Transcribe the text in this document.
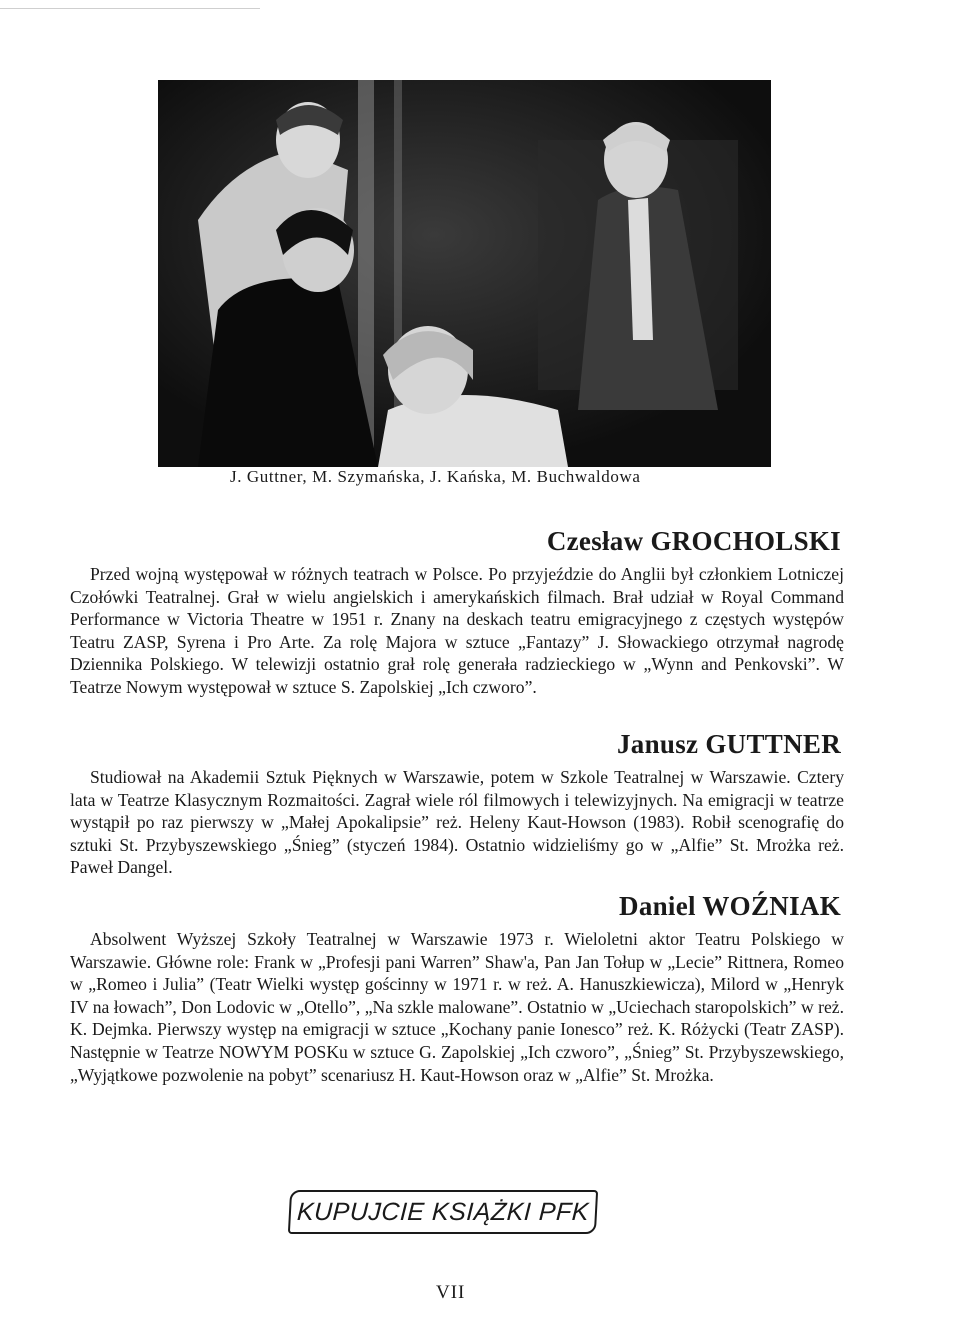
J. Guttner, M. Szymańska, J. Kańska, M. Buchwaldowa
Czesław GROCHOLSKI
Przed wojną występował w różnych teatrach w Polsce. Po przyjeździe do Anglii był członkiem Lotniczej Czołówki Teatralnej. Grał w wielu angielskich i amerykańskich filmach. Brał udział w Royal Command Performance w Victoria Theatre w 1951 r. Znany na deskach teatru emigracyjnego z częstych występów Teatru ZASP, Syrena i Pro Arte. Za rolę Majora w sztuce „Fantazy” J. Słowackiego otrzymał nagrodę Dziennika Polskiego. W telewizji ostatnio grał rolę generała radzieckiego w „Wynn and Penkovski”. W Teatrze Nowym występował w sztuce S. Zapolskiej „Ich czworo”.
Janusz GUTTNER
Studiował na Akademii Sztuk Pięknych w Warszawie, potem w Szkole Teatralnej w Warszawie. Cztery lata w Teatrze Klasycznym Rozmaitości. Zagrał wiele ról filmowych i telewizyjnych. Na emigracji w teatrze wystąpił po raz pierwszy w „Małej Apokalipsie” reż. Heleny Kaut-Howson (1983). Robił scenografię do sztuki St. Przybyszewskiego „Śnieg” (styczeń 1984). Ostatnio widzieliśmy go w „Alfie” St. Mrożka reż. Paweł Dangel.
Daniel WOŹNIAK
Absolwent Wyższej Szkoły Teatralnej w Warszawie 1973 r. Wieloletni aktor Teatru Polskiego w Warszawie. Główne role: Frank w „Profesji pani Warren” Shaw'a, Pan Jan Tołup w „Lecie” Rittnera, Romeo w „Romeo i Julia” (Teatr Wielki występ gościnny w 1971 r. w reż. A. Hanuszkiewicza), Milord w „Henryk IV na łowach”, Don Lodovic w „Otello”, „Na szkle malowane”. Ostatnio w „Uciechach staropolskich” w reż. K. Dejmka. Pierwszy występ na emigracji w sztuce „Kochany panie Ionesco” reż. K. Różycki (Teatr ZASP). Następnie w Teatrze NOWYM POSKu w sztuce G. Zapolskiej „Ich czworo”, „Śnieg” St. Przybyszewskiego, „Wyjątkowe pozwolenie na pobyt” scenariusz H. Kaut-Howson oraz w „Alfie” St. Mrożka.
KUPUJCIE KSIĄŻKI PFK
VII
